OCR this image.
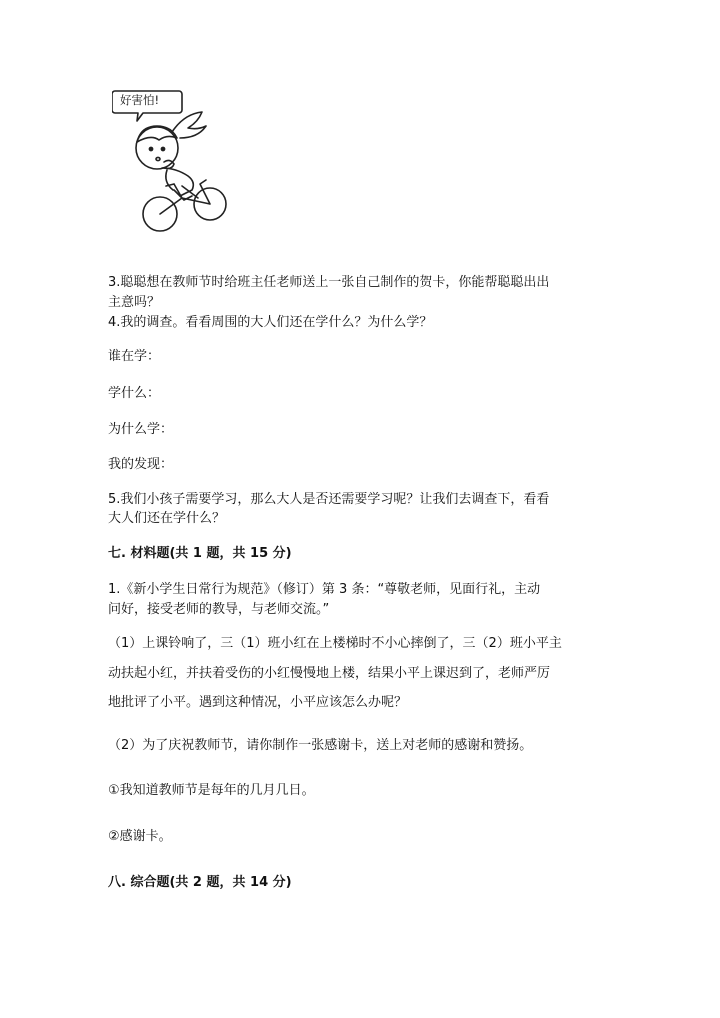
好害怕!
3.聪聪想在教师节时给班主任老师送上一张自己制作的贺卡，你能帮聪聪出出
主意吗？
4.我的调查。看看周围的大人们还在学什么？为什么学？
谁在学：
学什么：
为什么学：
我的发现：
5.我们小孩子需要学习，那么大人是否还需要学习呢？让我们去调查下，看看
大人们还在学什么？
七. 材料题(共 1 题，共 15 分)
1.《新小学生日常行为规范》（修订）第 3 条：“尊敬老师，见面行礼，主动
问好，接受老师的教导，与老师交流。”
（1）上课铃响了，三（1）班小红在上楼梯时不小心摔倒了，三（2）班小平主
动扶起小红，并扶着受伤的小红慢慢地上楼，结果小平上课迟到了，老师严厉
地批评了小平。遇到这种情况，小平应该怎么办呢？
（2）为了庆祝教师节，请你制作一张感谢卡，送上对老师的感谢和赞扬。
①我知道教师节是每年的几月几日。
②感谢卡。
八. 综合题(共 2 题，共 14 分)
